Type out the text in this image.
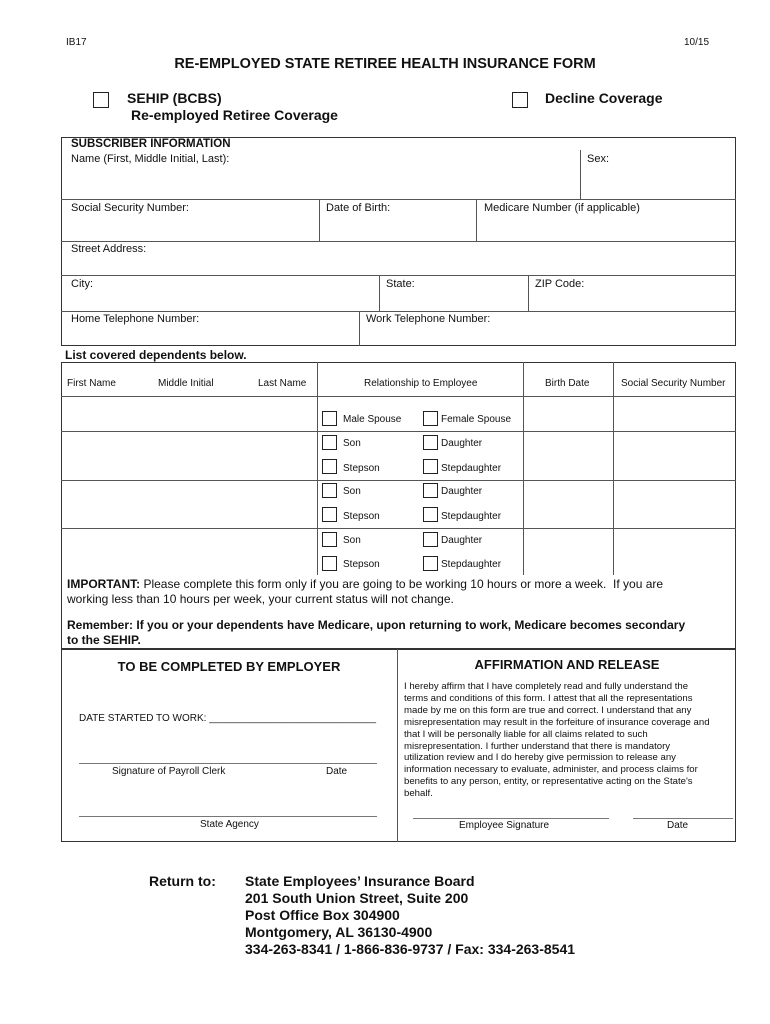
IB17	10/15
RE-EMPLOYED STATE RETIREE HEALTH INSURANCE FORM
SEHIP (BCBS)
Re-employed Retiree Coverage
Decline Coverage
SUBSCRIBER INFORMATION
Name (First, Middle Initial, Last):	Sex:
Social Security Number:	Date of Birth:	Medicare Number (if applicable)
Street Address:
City:	State:	ZIP Code:
Home Telephone Number:	Work Telephone Number:
List covered dependents below.
First Name	Middle Initial	Last Name	Relationship to Employee	Birth Date	Social Security Number
Male Spouse	Female Spouse
Son	Daughter
Stepson	Stepdaughter
Son	Daughter
Stepson	Stepdaughter
Son	Daughter
Stepson	Stepdaughter
IMPORTANT: Please complete this form only if you are going to be working 10 hours or more a week.  If you are
working less than 10 hours per week, your current status will not change.
Remember: If you or your dependents have Medicare, upon returning to work, Medicare becomes secondary
to the SEHIP.
TO BE COMPLETED BY EMPLOYER
DATE STARTED TO WORK: ______________________________
Signature of Payroll Clerk	Date
State Agency
AFFIRMATION AND RELEASE
I hereby affirm that I have completely read and fully understand the
terms and conditions of this form. I attest that all the representations
made by me on this form are true and correct. I understand that any
misrepresentation may result in the forfeiture of insurance coverage and
that I will be personally liable for all claims related to such
misrepresentation. I further understand that there is mandatory
utilization review and I do hereby give permission to release any
information necessary to evaluate, administer, and process claims for
benefits to any person, entity, or representative acting on the State's
behalf.
Employee Signature	Date
Return to: State Employees’ Insurance Board
201 South Union Street, Suite 200
Post Office Box 304900
Montgomery, AL 36130-4900
334-263-8341 / 1-866-836-9737 / Fax: 334-263-8541
